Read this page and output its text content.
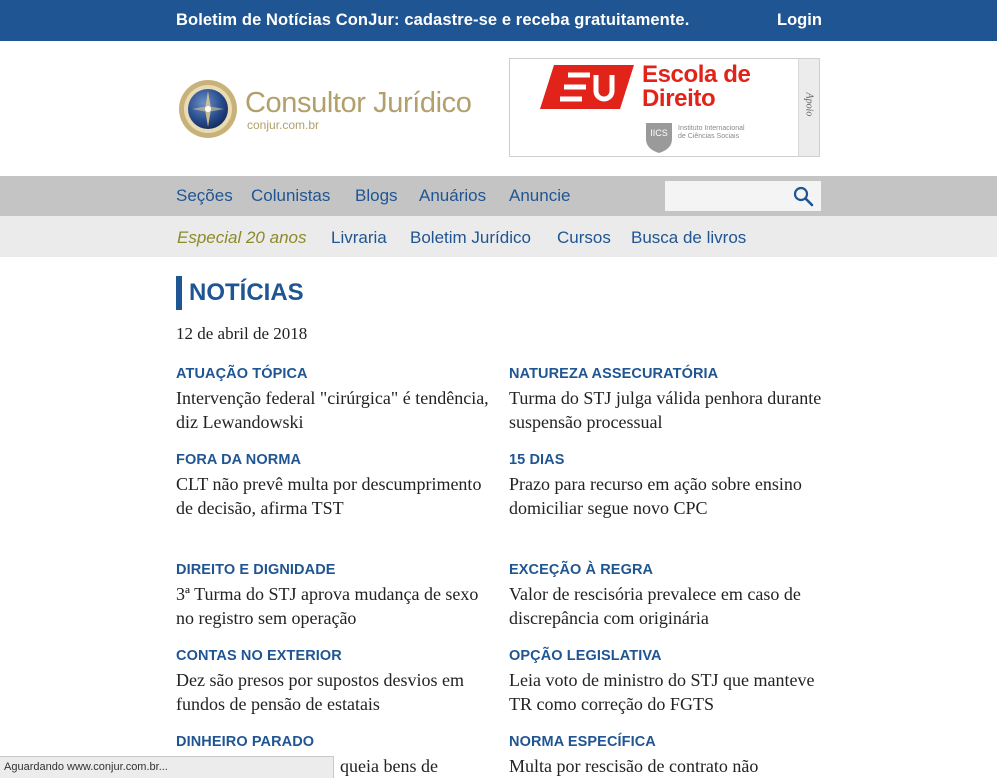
Boletim de Notícias ConJur: cadastre-se e receba gratuitamente.	Login
Consultor Jurídico
conjur.com.br
Escola de
Direito
IICS Instituto Internacional
de Ciências Sociais
Apoio
Seções Colunistas Blogs Anuários Anuncie
Especial 20 anos Livraria Boletim Jurídico Cursos Busca de livros
NOTÍCIAS
12 de abril de 2018
ATUAÇÃO TÓPICA
Intervenção federal "cirúrgica" é tendência, diz Lewandowski
FORA DA NORMA
CLT não prevê multa por descumprimento de decisão, afirma TST
DIREITO E DIGNIDADE
3ª Turma do STJ aprova mudança de sexo no registro sem operação
CONTAS NO EXTERIOR
Dez são presos por supostos desvios em fundos de pensão de estatais
DINHEIRO PARADO
queia bens de
NATUREZA ASSECURATÓRIA
Turma do STJ julga válida penhora durante suspensão processual
15 DIAS
Prazo para recurso em ação sobre ensino domiciliar segue novo CPC
EXCEÇÃO À REGRA
Valor de rescisória prevalece em caso de discrepância com originária
OPÇÃO LEGISLATIVA
Leia voto de ministro do STJ que manteve TR como correção do FGTS
NORMA ESPECÍFICA
Multa por rescisão de contrato não
Aguardando www.conjur.com.br...
